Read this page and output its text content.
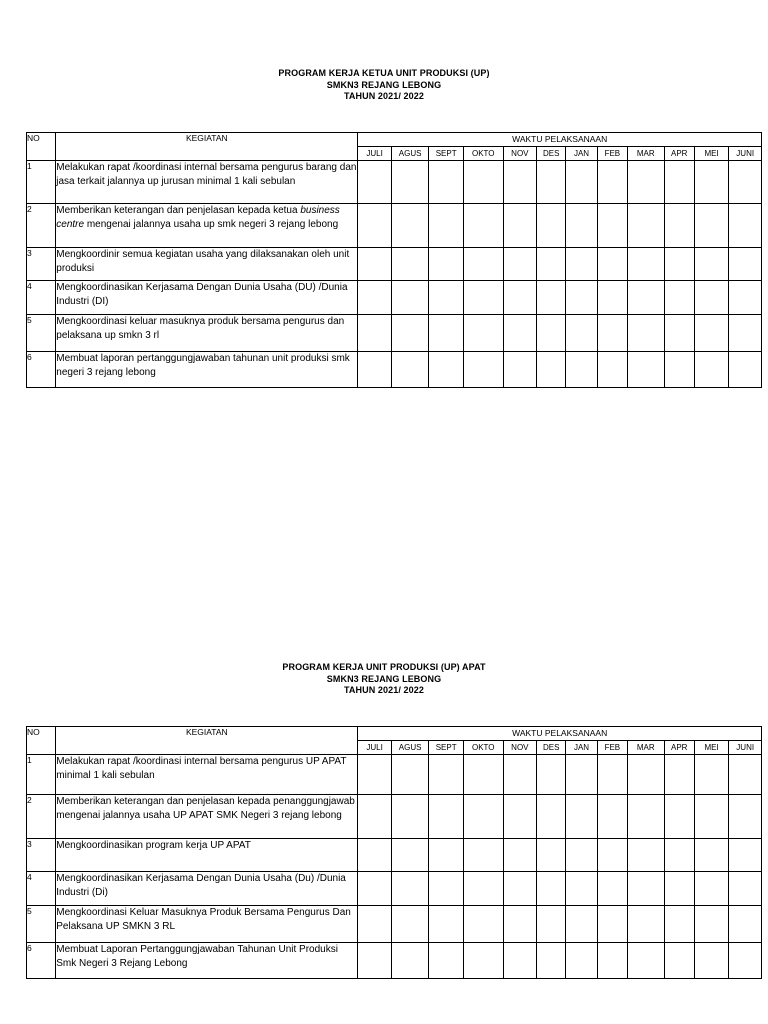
PROGRAM KERJA KETUA UNIT PRODUKSI (UP)
SMKN3 REJANG LEBONG
TAHUN 2021/ 2022
NO	KEGIATAN	WAKTU PELAKSANAAN											
		JULI	AGUS	SEPT	OKTO	NOV	DES	JAN	FEB	MAR	APR	MEI	JUNI
1	Melakukan rapat /koordinasi internal bersama pengurus barang dan jasa terkait jalannya up jurusan minimal 1 kali sebulan												
2	Memberikan keterangan dan penjelasan kepada ketua business centre mengenai jalannya usaha up smk negeri 3 rejang lebong												
3	Mengkoordinir semua kegiatan usaha yang dilaksanakan oleh unit produksi												
4	Mengkoordinasikan Kerjasama Dengan Dunia Usaha (DU) /Dunia Industri (DI)												
5	Mengkoordinasi keluar masuknya produk bersama pengurus dan pelaksana up smkn 3 rl												
6	Membuat laporan pertanggungjawaban tahunan unit produksi smk negeri 3 rejang lebong												
PROGRAM KERJA UNIT PRODUKSI (UP) APAT
SMKN3 REJANG LEBONG
TAHUN 2021/ 2022
NO	KEGIATAN	WAKTU PELAKSANAAN											
		JULI	AGUS	SEPT	OKTO	NOV	DES	JAN	FEB	MAR	APR	MEI	JUNI
1	Melakukan rapat /koordinasi internal bersama pengurus UP APAT minimal 1 kali sebulan												
2	Memberikan keterangan dan penjelasan kepada penanggungjawab mengenai jalannya usaha UP APAT SMK Negeri 3 rejang lebong												
3	Mengkoordinasikan program kerja UP APAT												
4	Mengkoordinasikan Kerjasama Dengan Dunia Usaha (Du) /Dunia Industri (Di)												
5	Mengkoordinasi Keluar Masuknya Produk Bersama Pengurus Dan Pelaksana UP SMKN 3 RL												
6	Membuat Laporan Pertanggungjawaban Tahunan Unit Produksi Smk Negeri 3 Rejang Lebong												
